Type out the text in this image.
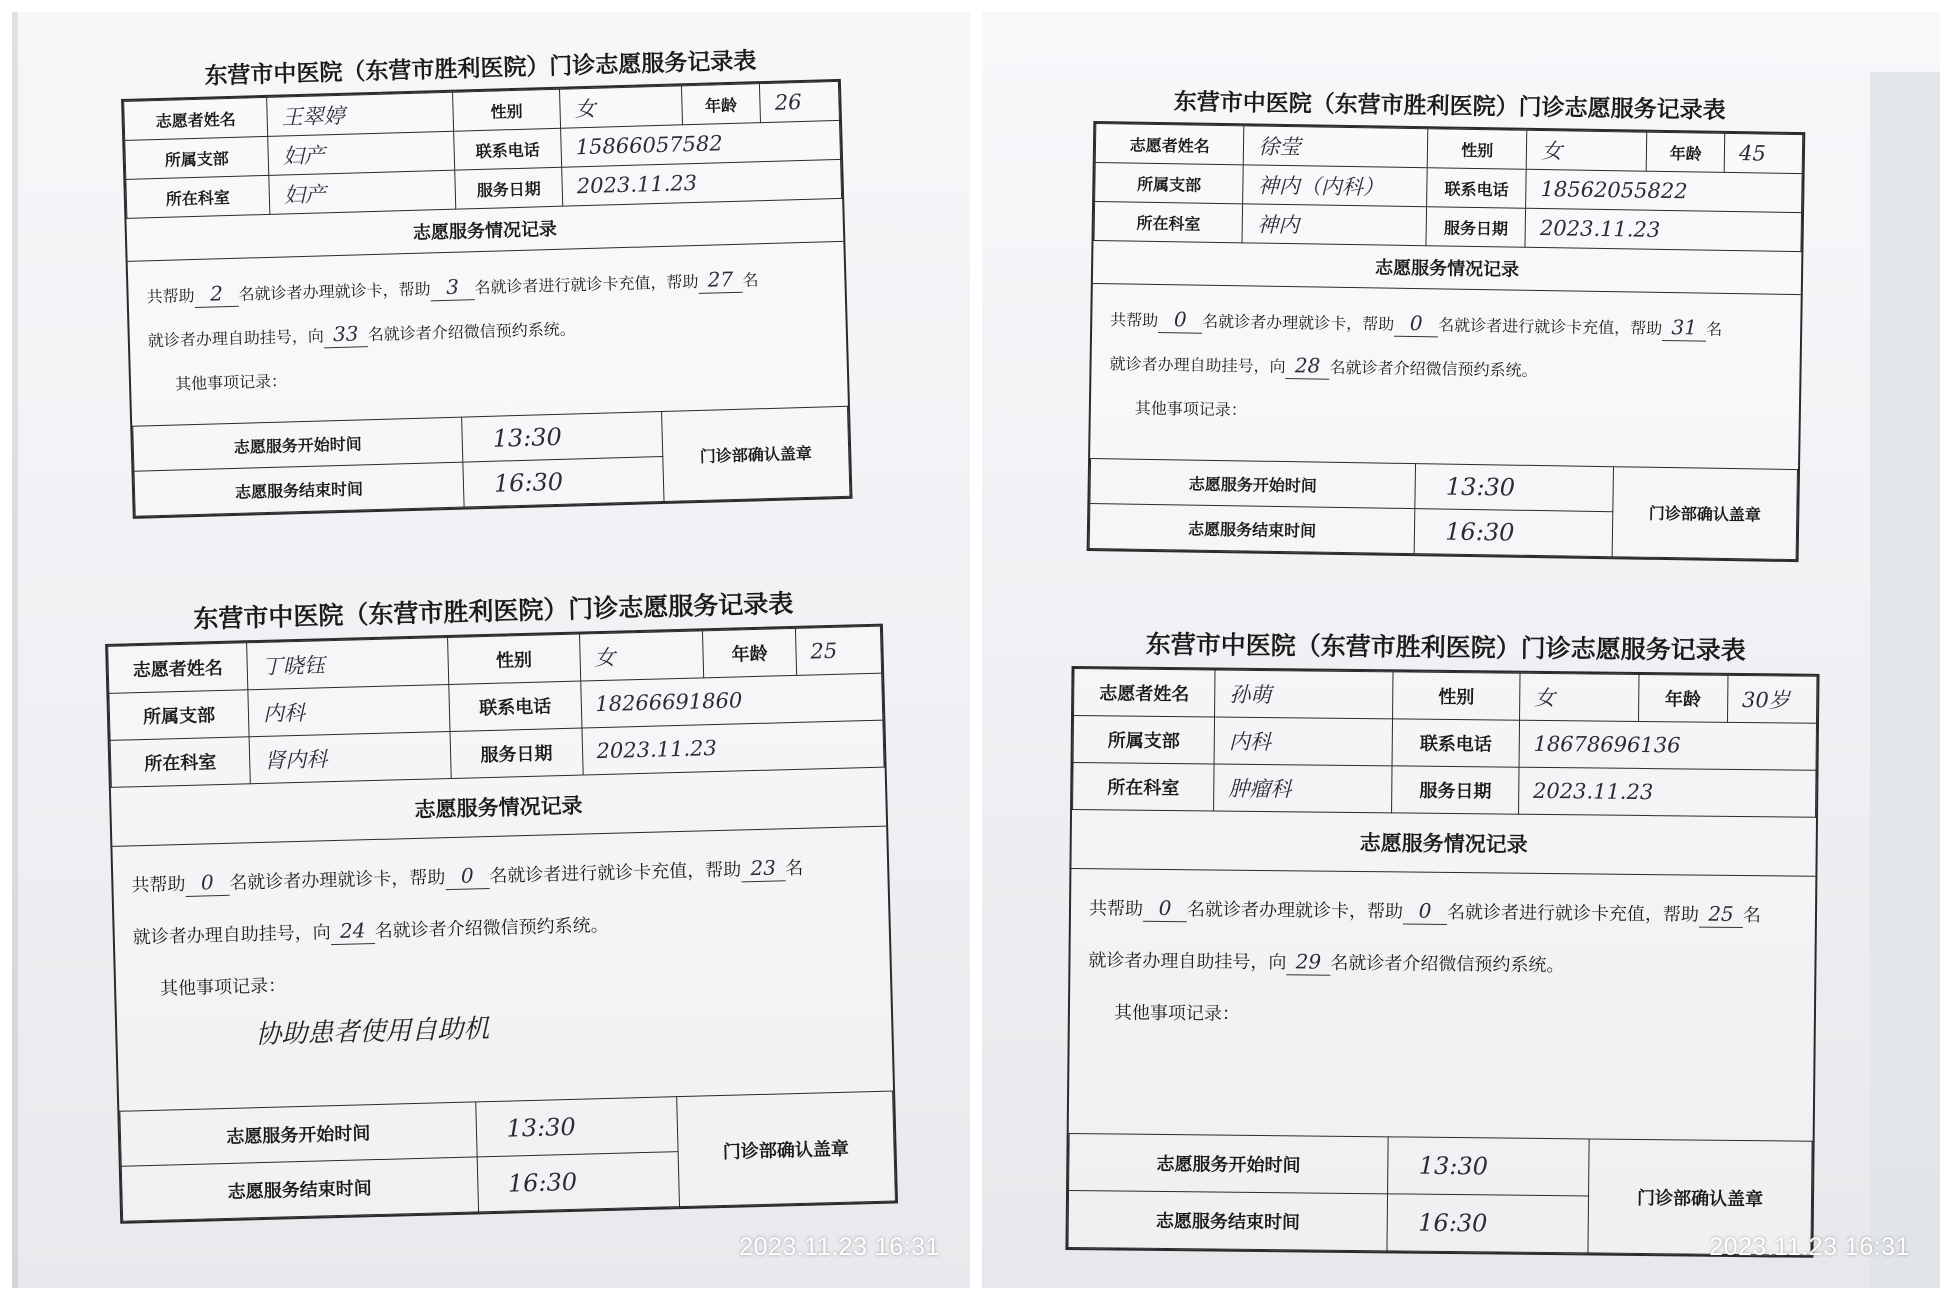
东营市中医院（东营市胜利医院）门诊志愿服务记录表
志愿者姓名	王翠婷	性别	女	年龄	26
所属支部	妇产	联系电话	15866057582		
所在科室	妇产	服务日期	2023.11.23		
志愿服务情况记录
共帮助 2 名就诊者办理就诊卡，帮助 3 名就诊者进行就诊卡充值，帮助 27 名
就诊者办理自助挂号，向 33 名就诊者介绍微信预约系统。
其他事项记录：
志愿服务开始时间	13:30	门诊部确认盖章
志愿服务结束时间	16:30	
东营市中医院（东营市胜利医院）门诊志愿服务记录表
志愿者姓名	丁晓钰	性别	女	年龄	25
所属支部	内科	联系电话	18266691860		
所在科室	肾内科	服务日期	2023.11.23		
志愿服务情况记录
共帮助 0 名就诊者办理就诊卡，帮助 0 名就诊者进行就诊卡充值，帮助 23 名
就诊者办理自助挂号，向 24 名就诊者介绍微信预约系统。
其他事项记录：
协助患者使用自助机
志愿服务开始时间	13:30	门诊部确认盖章
志愿服务结束时间	16:30	
2023.11.23 16:31
东营市中医院（东营市胜利医院）门诊志愿服务记录表
志愿者姓名	徐莹	性别	女	年龄	45
所属支部	神内（内科）	联系电话	18562055822		
所在科室	神内	服务日期	2023.11.23		
志愿服务情况记录
共帮助 0 名就诊者办理就诊卡，帮助 0 名就诊者进行就诊卡充值，帮助 31 名
就诊者办理自助挂号，向 28 名就诊者介绍微信预约系统。
其他事项记录：
志愿服务开始时间	13:30	门诊部确认盖章
志愿服务结束时间	16:30	
东营市中医院（东营市胜利医院）门诊志愿服务记录表
志愿者姓名	孙萌	性别	女	年龄	30岁
所属支部	内科	联系电话	18678696136		
所在科室	肿瘤科	服务日期	2023.11.23		
志愿服务情况记录
共帮助 0 名就诊者办理就诊卡，帮助 0 名就诊者进行就诊卡充值，帮助 25 名
就诊者办理自助挂号，向 29 名就诊者介绍微信预约系统。
其他事项记录：
志愿服务开始时间	13:30	门诊部确认盖章
志愿服务结束时间	16:30	
2023.11.23 16:31
